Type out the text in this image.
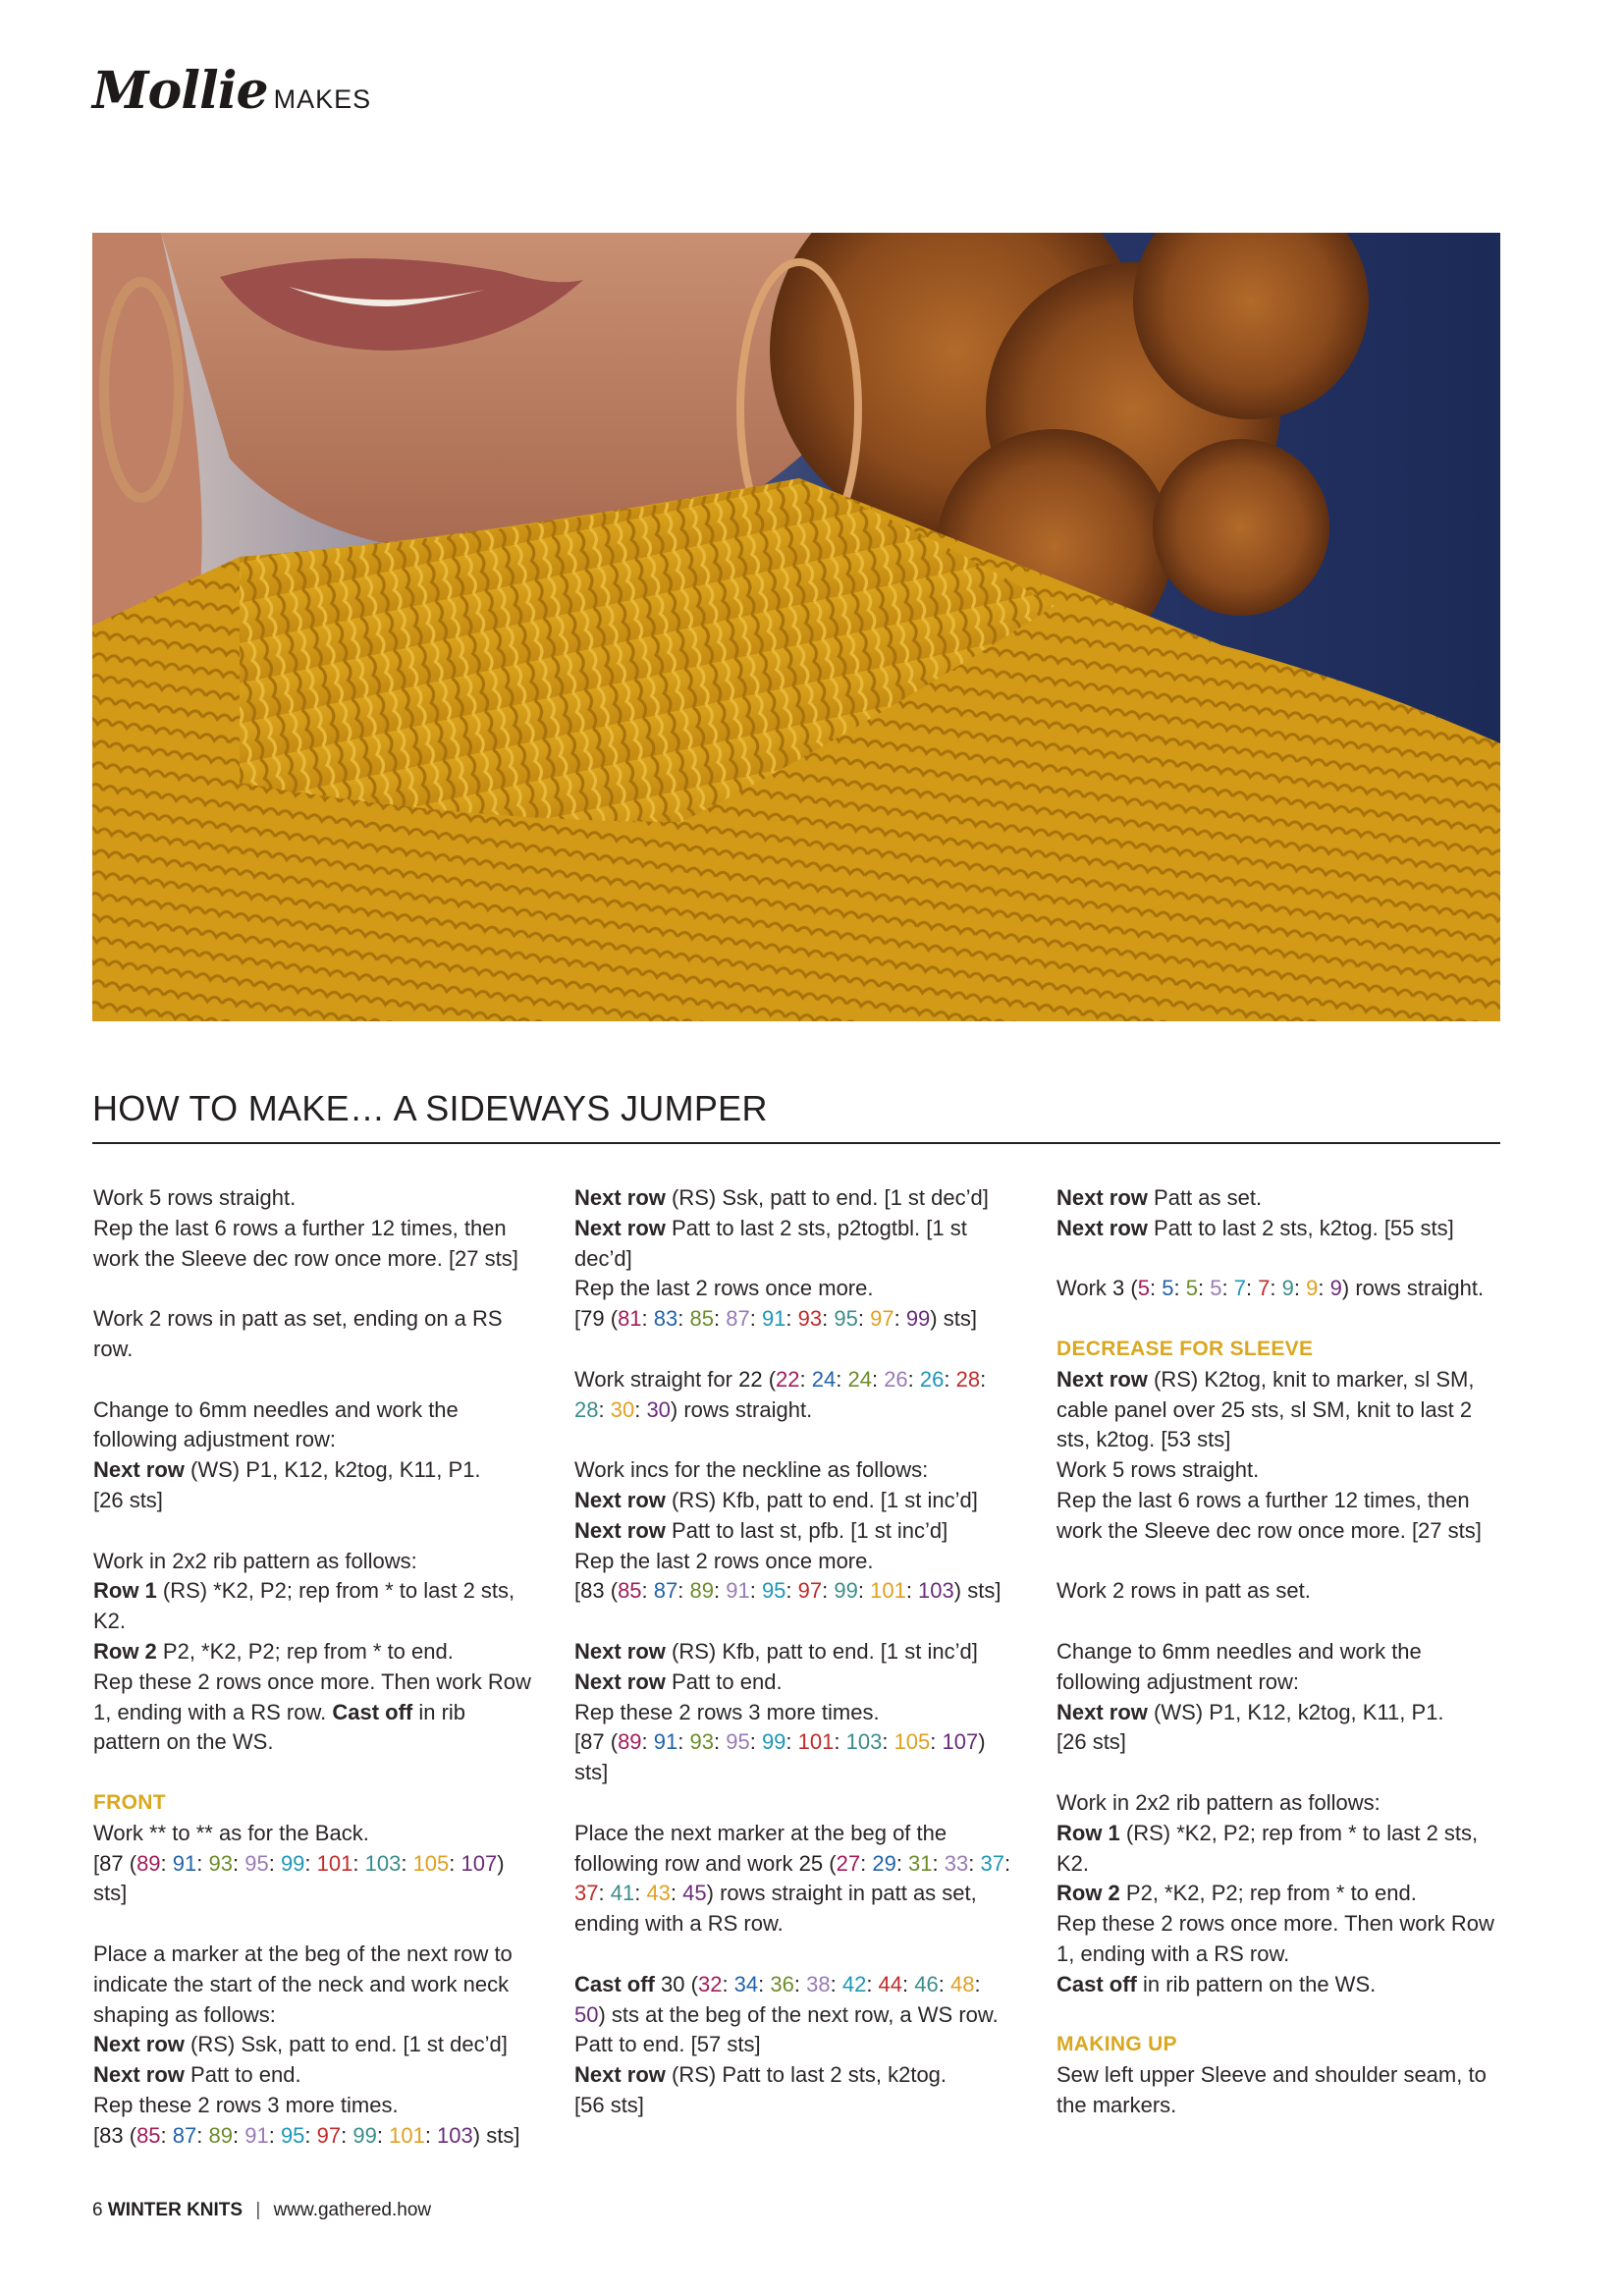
Mollie MAKES
HOW TO MAKE… A SIDEWAYS JUMPER

Work 5 rows straight.

Rep the last 6 rows a further 12 times, then work the Sleeve dec row once more. [27 sts]

Work 2 rows in patt as set, ending on a RS row.

Change to 6mm needles and work the following adjustment row:

Next row (WS) P1, K12, k2tog, K11, P1.

[26 sts]

Work in 2x2 rib pattern as follows:

Row 1 (RS) *K2, P2; rep from * to last 2 sts, K2.

Row 2 P2, *K2, P2; rep from * to end.

Rep these 2 rows once more. Then work Row 1, ending with a RS row. Cast off in rib pattern on the WS.

FRONT

Work ** to ** as for the Back.

[87 (89: 91: 93: 95: 99: 101: 103: 105: 107) sts]

Place a marker at the beg of the next row to indicate the start of the neck and work neck shaping as follows:

Next row (RS) Ssk, patt to end. [1 st dec’d]

Next row Patt to end.

Rep these 2 rows 3 more times.

[83 (85: 87: 89: 91: 95: 97: 99: 101: 103) sts]

Next row (RS) Ssk, patt to end. [1 st dec’d]

Next row Patt to last 2 sts, p2togtbl. [1 st dec’d]

Rep the last 2 rows once more.

[79 (81: 83: 85: 87: 91: 93: 95: 97: 99) sts]

Work straight for 22 (22: 24: 24: 26: 26: 28: 28: 30: 30) rows straight.

Work incs for the neckline as follows:

Next row (RS) Kfb, patt to end. [1 st inc’d]

Next row Patt to last st, pfb. [1 st inc’d]

Rep the last 2 rows once more.

[83 (85: 87: 89: 91: 95: 97: 99: 101: 103) sts]

Next row (RS) Kfb, patt to end. [1 st inc’d]

Next row Patt to end.

Rep these 2 rows 3 more times.

[87 (89: 91: 93: 95: 99: 101: 103: 105: 107) sts]

Place the next marker at the beg of the following row and work 25 (27: 29: 31: 33: 37: 37: 41: 43: 45) rows straight in patt as set, ending with a RS row.

Cast off 30 (32: 34: 36: 38: 42: 44: 46: 48: 50) sts at the beg of the next row, a WS row. Patt to end. [57 sts]

Next row (RS) Patt to last 2 sts, k2tog.

[56 sts]

Next row Patt as set.

Next row Patt to last 2 sts, k2tog. [55 sts]

Work 3 (5: 5: 5: 5: 7: 7: 9: 9: 9) rows straight.

DECREASE FOR SLEEVE

Next row (RS) K2tog, knit to marker, sl SM, cable panel over 25 sts, sl SM, knit to last 2 sts, k2tog. [53 sts]

Work 5 rows straight.

Rep the last 6 rows a further 12 times, then work the Sleeve dec row once more. [27 sts]

Work 2 rows in patt as set.

Change to 6mm needles and work the following adjustment row:

Next row (WS) P1, K12, k2tog, K11, P1.

[26 sts]

Work in 2x2 rib pattern as follows:

Row 1 (RS) *K2, P2; rep from * to last 2 sts, K2.

Row 2 P2, *K2, P2; rep from * to end.

Rep these 2 rows once more. Then work Row 1, ending with a RS row.

Cast off in rib pattern on the WS.

MAKING UP

Sew left upper Sleeve and shoulder seam, to the markers.

6 WINTER KNITS | www.gathered.how
